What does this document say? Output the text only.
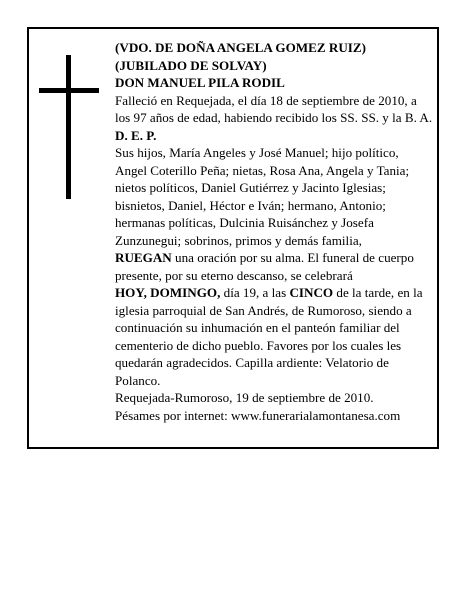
(VDO. DE DOÑA ANGELA GOMEZ RUIZ)

(JUBILADO DE SOLVAY)

DON MANUEL PILA RODIL

Falleció en Requejada, el día 18 de septiembre de 2010, a los 97 años de edad, habiendo recibido los SS. SS. y la B. A.

D. E. P.

Sus hijos, María Angeles y José Manuel; hijo político, Angel Coterillo Peña; nietas, Rosa Ana, Angela y Tania; nietos políticos, Daniel Gutiérrez y Jacinto Iglesias; bisnietos, Daniel, Héctor e Iván; hermano, Antonio; hermanas políticas, Dulcinia Ruisánchez y Josefa Zunzunegui; sobrinos, primos y demás familia,

RUEGAN una oración por su alma. El funeral de cuerpo presente, por su eterno descanso, se celebrará HOY, DOMINGO, día 19, a las CINCO de la tarde, en la iglesia parroquial de San Andrés, de Rumoroso, siendo a continuación su inhumación en el panteón familiar del cementerio de dicho pueblo. Favores por los cuales les quedarán agradecidos. Capilla ardiente: Velatorio de Polanco.

Requejada-Rumoroso, 19 de septiembre de 2010.

Pésames por internet: www.funerarialamontanesa.com
